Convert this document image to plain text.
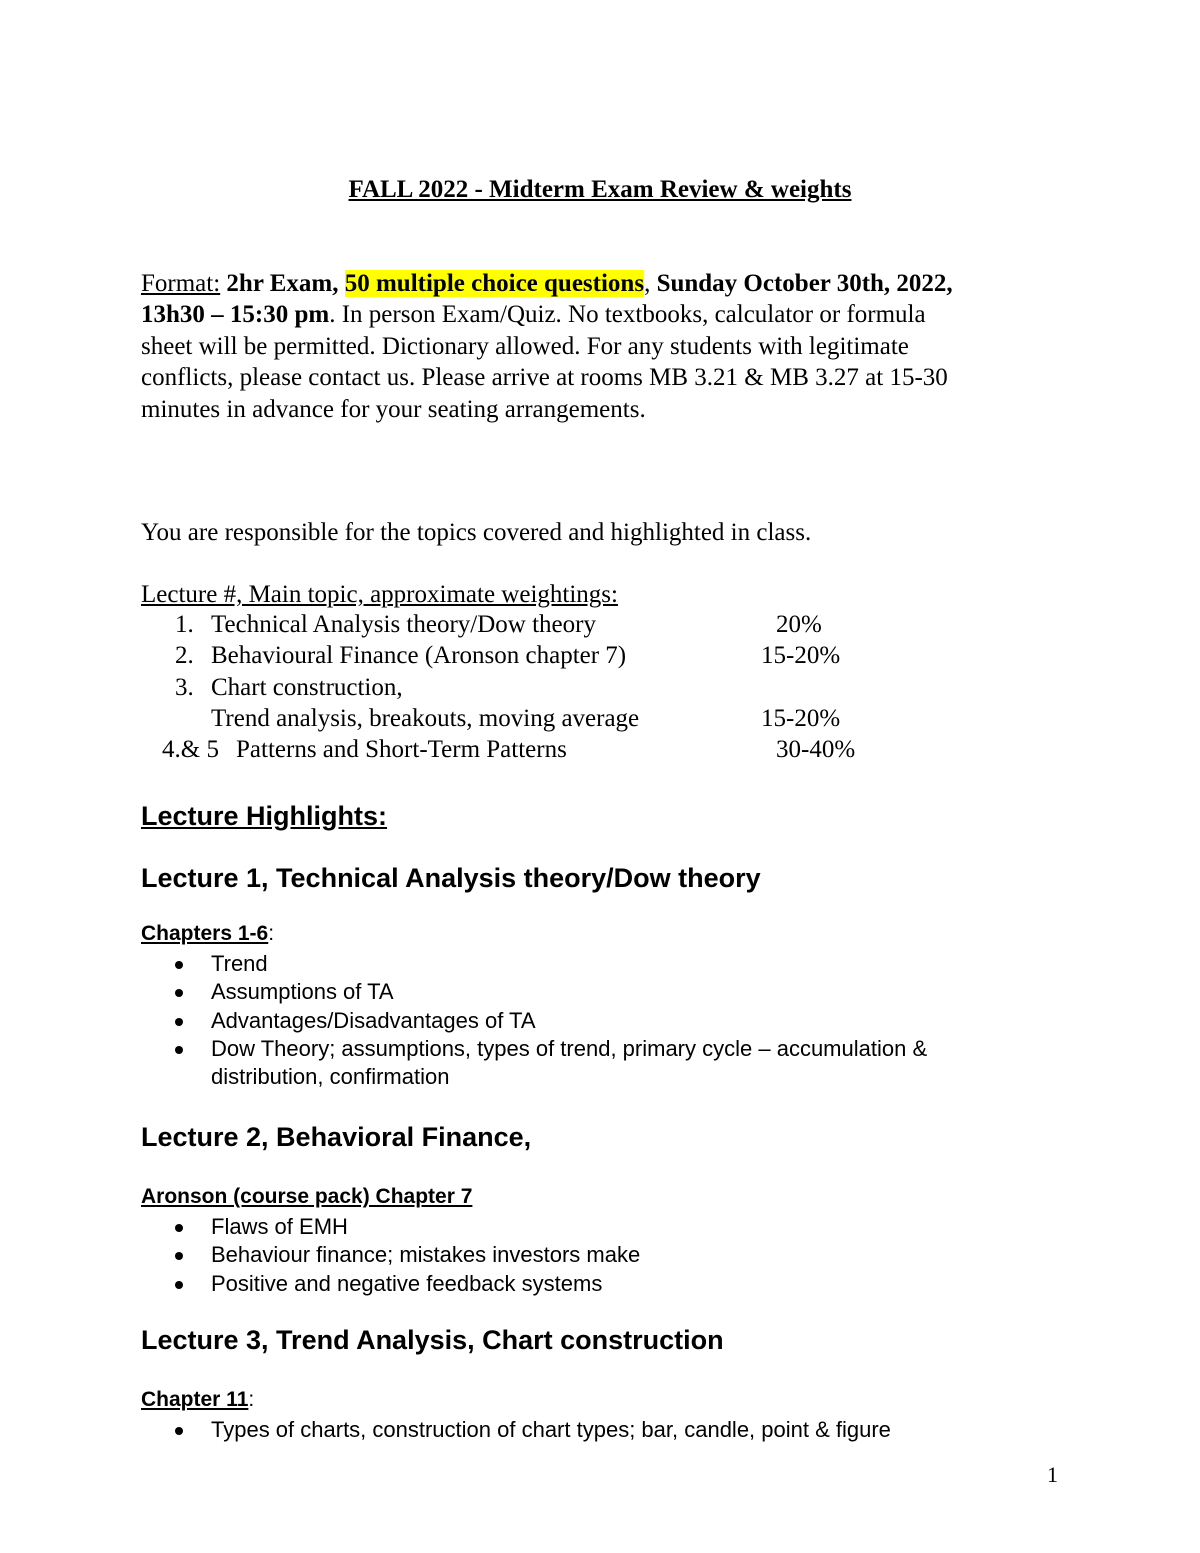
FALL 2022 - Midterm Exam Review & weights
Format: 2hr Exam, 50 multiple choice questions, Sunday October 30th, 2022,
13h30 – 15:30 pm. In person Exam/Quiz. No textbooks, calculator or formula
sheet will be permitted. Dictionary allowed. For any students with legitimate
conflicts, please contact us. Please arrive at rooms MB 3.21 & MB 3.27 at 15-30
minutes in advance for your seating arrangements.
You are responsible for the topics covered and highlighted in class.
Lecture #, Main topic, approximate weightings:
1. Technical Analysis theory/Dow theory	20%
2. Behavioural Finance (Aronson chapter 7)	15-20%
3. Chart construction,
Trend analysis, breakouts, moving average	15-20%
4.& 5 Patterns and Short-Term Patterns	30-40%
Lecture Highlights:
Lecture 1, Technical Analysis theory/Dow theory
Chapters 1-6:
Trend
Assumptions of TA
Advantages/Disadvantages of TA
Dow Theory; assumptions, types of trend, primary cycle – accumulation &
distribution, confirmation
Lecture 2, Behavioral Finance,
Aronson (course pack) Chapter 7
Flaws of EMH
Behaviour finance; mistakes investors make
Positive and negative feedback systems
Lecture 3, Trend Analysis, Chart construction
Chapter 11:
Types of charts, construction of chart types; bar, candle, point & figure
1
